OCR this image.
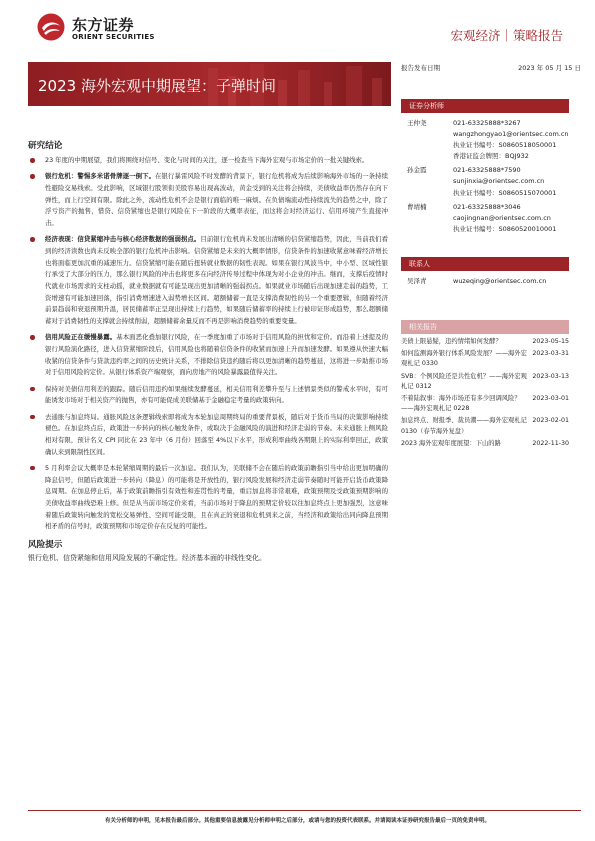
东方证券
ORIENT SECURITIES	宏观经济｜策略报告
2023 海外宏观中期展望：子弹时间
报告发布日期	2023 年 05 月 15 日
研究结论
23 年度的中期展望，我们将围绕对信号、变化与时间的关注，逐一检查当下海外宏观与市场定价的一批关键线索。
银行危机：警惕多米诺骨牌逐一倒下。在银行暴雷风险不时发酵的背景下，银行危机将成为后续影响海外市场的一条持续性避险交易线索。受此影响，区域银行股领衔美股容易出现高波动，黄金受到的关注将会持续，美债收益率仍然存在向下弹性，而上行空间有限。除此之外，流动性危机不会是银行面临的唯一麻烦。在负债端流动性持续流失的趋势之中，除了浮亏资产的抛售，惜贷、信贷紧缩也是银行风险在下一阶段的大概率表征，而这将会对经济运行、信用环境产生直接冲击。
经济表现：信贷紧缩冲击与核心经济数据的强弱拐点。目前银行危机尚未发展出清晰的信贷紧缩趋势，因此，当前我们看到的经济读数也尚未反映全部的银行危机冲击影响。信贷紧缩是未来的大概率情形，信贷条件的加速收紧意味着经济增长也将面临更加沉重的减速压力。信贷紧缩可能在随后扭转就业数据的韧性表现。如果在银行风波当中，中小型、区域性银行承受了大部分的压力，那么银行风险的冲击也将更多在向经济传导过程中体现为对小企业的冲击。继而，支撑后疫情时代就业市场需求的支柱动摇，就业数据就有可能呈现出更加清晰的强弱拐点。如果就业市场随后出现加速走弱的趋势，工资增速有可能加速回落，指引消费增速进入弱势增长区间。超额储蓄一直是支撑消费韧性的另一个重要逻辑，但随着经济前景趋弱和衰退预期升温，居民储蓄率正呈现出持续上行趋势，如果随后储蓄率的持续上行被印证形成趋势，那么超额储蓄对于消费韧性的支撑就会持续削弱，超额储蓄余量反而不再是影响消费趋势的重要变量。
信用风险正在缓慢暴露。基本面恶化叠加银行风险，在一季度加重了市场对于信用风险的担忧和定价。而沿着上述提及的银行风险演化路径，进入信贷紧缩阶段后，信用风险也将随着信贷条件的收紧而加速上升而加速发酵。如果遵从快速大幅收紧的信贷条件与贷款违约率之间的历史统计关系，不排除信贷违约随后将以更加清晰的趋势蔓延，这将进一步助推市场对于信用风险的定价。从银行体系资产端观察，面向房地产的风险暴露最值得关注。
保持对美债信用利差的跟踪。随后信用违约如果继续发酵蔓延，相关信用利差攀升至与上述情景类似的警戒水平时，有可能诱发市场对于相关资产的抛售，亦有可能促成美联储基于金融稳定考量的政策转向。
去通胀与加息终局。通胀风险这条逻辑线索即将成为本轮加息周期终局的重要背景板，随后对于货币当局的决策影响持续褪色。在加息终点后，政策进一步转向的核心触发条件，或取决于金融风险的演进和经济走弱的节奏。未来通胀上侧风险相对有限，预计名义 CPI 同比在 23 年中（6 月份）回落至 4%以下水平，形成利率曲线各期限上的实际利率回正，政策确认来到限制性区间。
5 月利率会议大概率是本轮紧缩周期的最后一次加息。我们认为，美联储不会在随后的政策前瞻指引当中给出更加明确的降息信号，但随后政策进一步转向（降息）的可能将是开放性的，银行风险发展和经济走弱节奏随时可能开启货币政策降息周期。在加息停止后，基于政策前瞻指引有效性和连贯性的考量，重启加息将非常艰难，政策预期及受政策预期影响的美债收益率曲线恐难上修。但是从当前市场定价来看，当前市场对于降息的预期定价较以往加息终点上更加强烈，这意味着随后政策转向触发的宽松交易弹性、空间可能受限，且在真正的衰退和危机到来之前，当经济和政策给出同向降息预期相矛盾的信号时，政策预期和市场定价存在反复的可能性。
风险提示
银行危机、信贷紧缩和信用风险发展的不确定性。经济基本面的非线性变化。
证券分析师
王仲尧	021-63325888*3267
wangzhongyao1@orientsec.com.cn
执业证书编号：S0860518050001
香港证监会牌照：BQJ932
孙金霞	021-63325888*7590
sunjinxia@orientsec.com.cn
执业证书编号：S0860515070001
曹靖楠	021-63325888*3046
caojingnan@orientsec.com.cn
执业证书编号：S0860520010001
联系人
吴泽青	wuzeqing@orientsec.com.cn
相关报告
美债上限悬疑，违约情绪如何发酵？	2023-05-15
如何监测海外银行体系风险发展？——海外宏观札记 0330
2023-03-31
SVB：个例风险还是共性危机？——海外宏观札记 0312
2023-03-13
不着陆叙事：海外市场还有多少回调风险？——海外宏观札记 0228
2023-03-01
加息终点、财报季、裁员潮——海外宏观札记 0130（春节海外复盘）
2023-02-01
2023 海外宏观年度展望：下山的路	2022-11-30
有关分析师的申明，见本报告最后部分。其他重要信息披露见分析师申明之后部分，或请与您的投资代表联系。并请阅读本证券研究报告最后一页的免责申明。
